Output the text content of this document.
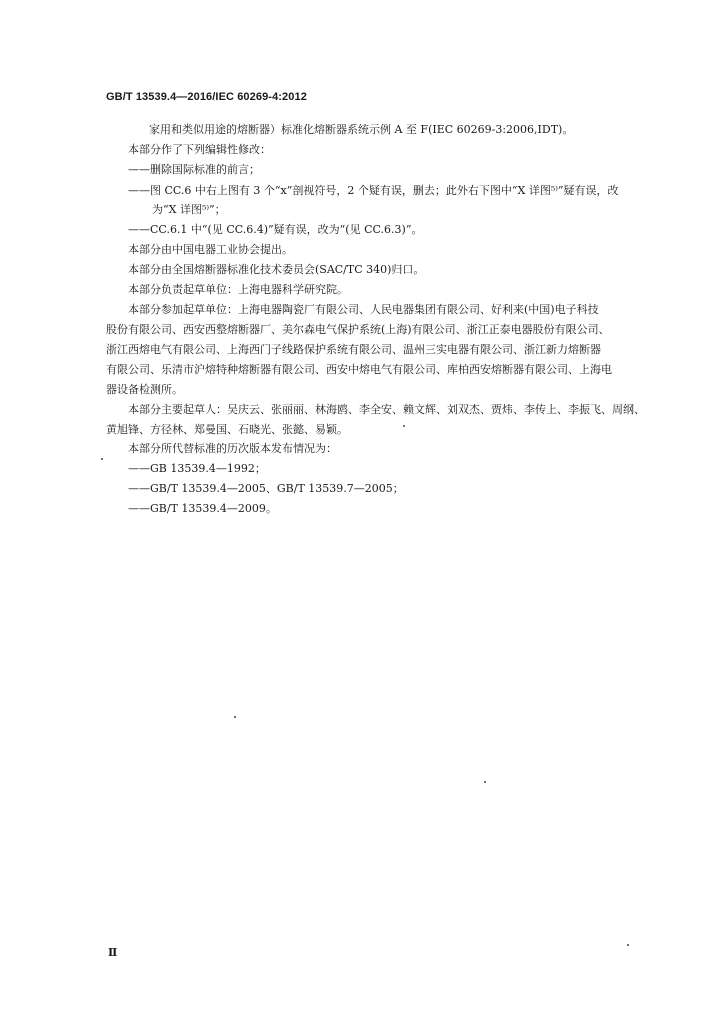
GB/T 13539.4—2016/IEC 60269-4:2012
家用和类似用途的熔断器）标准化熔断器系统示例 A 至 F(IEC 60269-3:2006,IDT)。
本部分作了下列编辑性修改：
——删除国际标准的前言；
——图 CC.6 中右上图有 3 个“x”剖视符号，2 个疑有误，删去；此外右下图中“X 详图⁵⁾”疑有误，改
为“X 详图⁵⁾”；
——CC.6.1 中“(见 CC.6.4)”疑有误，改为“(见 CC.6.3)”。
本部分由中国电器工业协会提出。
本部分由全国熔断器标准化技术委员会(SAC/TC 340)归口。
本部分负责起草单位：上海电器科学研究院。
本部分参加起草单位：上海电器陶瓷厂有限公司、人民电器集团有限公司、好利来(中国)电子科技
股份有限公司、西安西整熔断器厂、美尔森电气保护系统(上海)有限公司、浙江正泰电器股份有限公司、
浙江西熔电气有限公司、上海西门子线路保护系统有限公司、温州三实电器有限公司、浙江新力熔断器
有限公司、乐清市沪熔特种熔断器有限公司、西安中熔电气有限公司、库柏西安熔断器有限公司、上海电
器设备检测所。
本部分主要起草人：吴庆云、张丽丽、林海鸥、李全安、赖文辉、刘双杰、贾炜、李传上、李振飞、周纲、
黄旭锋、方径林、郑曼国、石晓光、张懿、易颖。
本部分所代替标准的历次版本发布情况为：
——GB 13539.4—1992；
——GB/T 13539.4—2005、GB/T 13539.7—2005；
——GB/T 13539.4—2009。
Ⅱ
